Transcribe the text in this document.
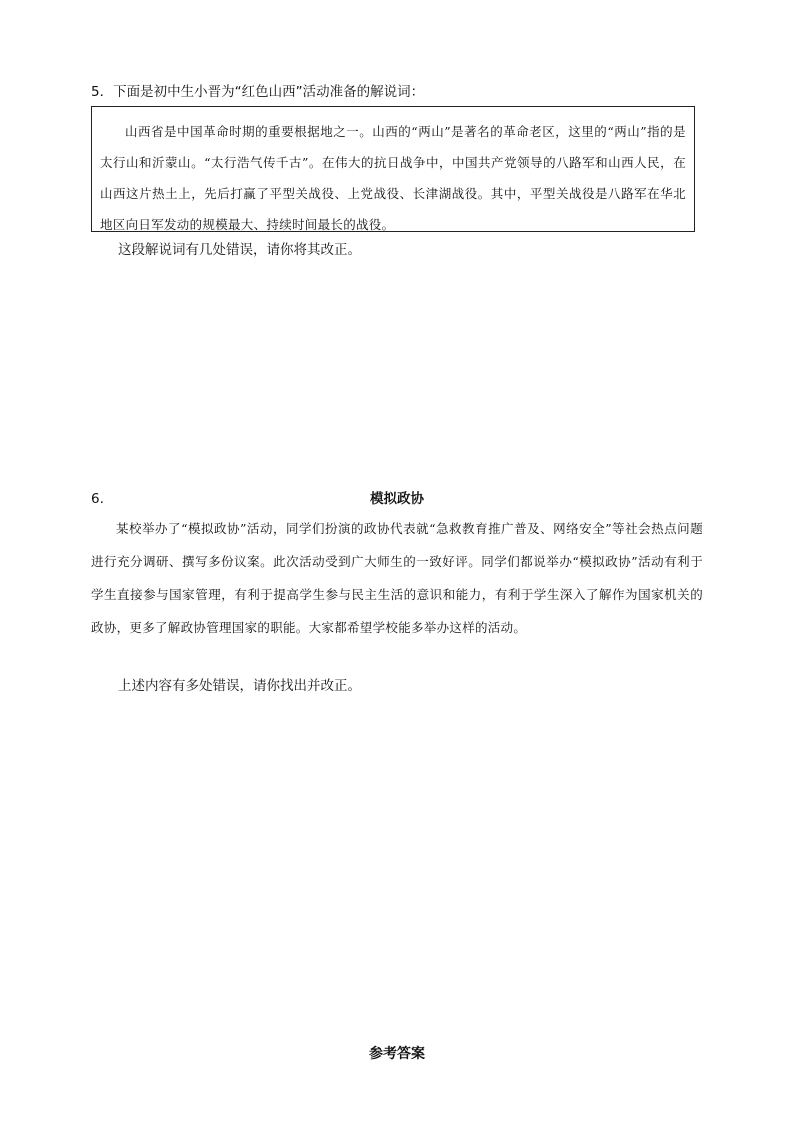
5．下面是初中生小晋为“红色山西”活动准备的解说词：
山西省是中国革命时期的重要根据地之一。山西的“两山”是著名的革命老区，这里的“两山”指的是太行山和沂蒙山。“太行浩气传千古”。在伟大的抗日战争中，中国共产党领导的八路军和山西人民，在山西这片热土上，先后打赢了平型关战役、上党战役、长津湖战役。其中，平型关战役是八路军在华北地区向日军发动的规模最大、持续时间最长的战役。
这段解说词有几处错误，请你将其改正。
6.	模拟政协
某校举办了“模拟政协”活动，同学们扮演的政协代表就“急救教育推广普及、网络安全”等社会热点问题进行充分调研、撰写多份议案。此次活动受到广大师生的一致好评。同学们都说举办“模拟政协”活动有利于学生直接参与国家管理，有利于提高学生参与民主生活的意识和能力，有利于学生深入了解作为国家机关的政协，更多了解政协管理国家的职能。大家都希望学校能多举办这样的活动。
上述内容有多处错误，请你找出并改正。
参考答案
